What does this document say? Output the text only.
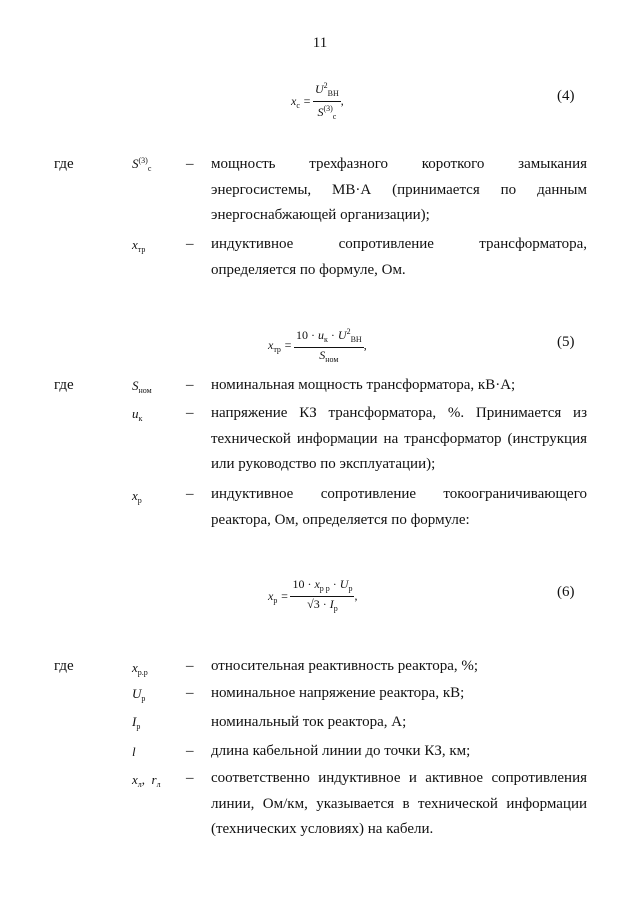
11
$x_c = \frac{U^2_{ВН}}{S^{(3)}_c}$ ,	(4)
где	$S^{(3)}_c$ – мощность трехфазного короткого замыкания
энергосистемы, МВ·А (принимается по данным
энергоснабжающей организации);
$x_{тр}$	– индуктивное сопротивление трансформатора,
определяется по формуле, Ом.
$x_{тр} = \frac{10 \cdot u_к \cdot U^2_{ВН}}{S_{ном}}$ ,	(5)
где	$S_{ном}$ – номинальная мощность трансформатора, кВ·А;
$u_к$	– напряжение КЗ трансформатора, %. Принимается из
технической информации на трансформатор (инструкция
или руководство по эксплуатации);
$x_р$	– индуктивное сопротивление токоограничивающего
реактора, Ом, определяется по формуле:
$x_р = \frac{10 \cdot x_{р р} \cdot U_р}{√3 \cdot I_р}$ ,	(6)
где	$x_{р.р}$	– относительная реактивность реактора, %;
$U_р$	– номинальное напряжение реактора, кВ;
$I_р$	номинальный ток реактора, А;
l	– длина кабельной линии до точки КЗ, км;
$x_л$,  $r_л$ – соответственно индуктивное и активное сопротивления
линии, Ом/км, указывается в технической информации
(технических условиях) на кабели.
